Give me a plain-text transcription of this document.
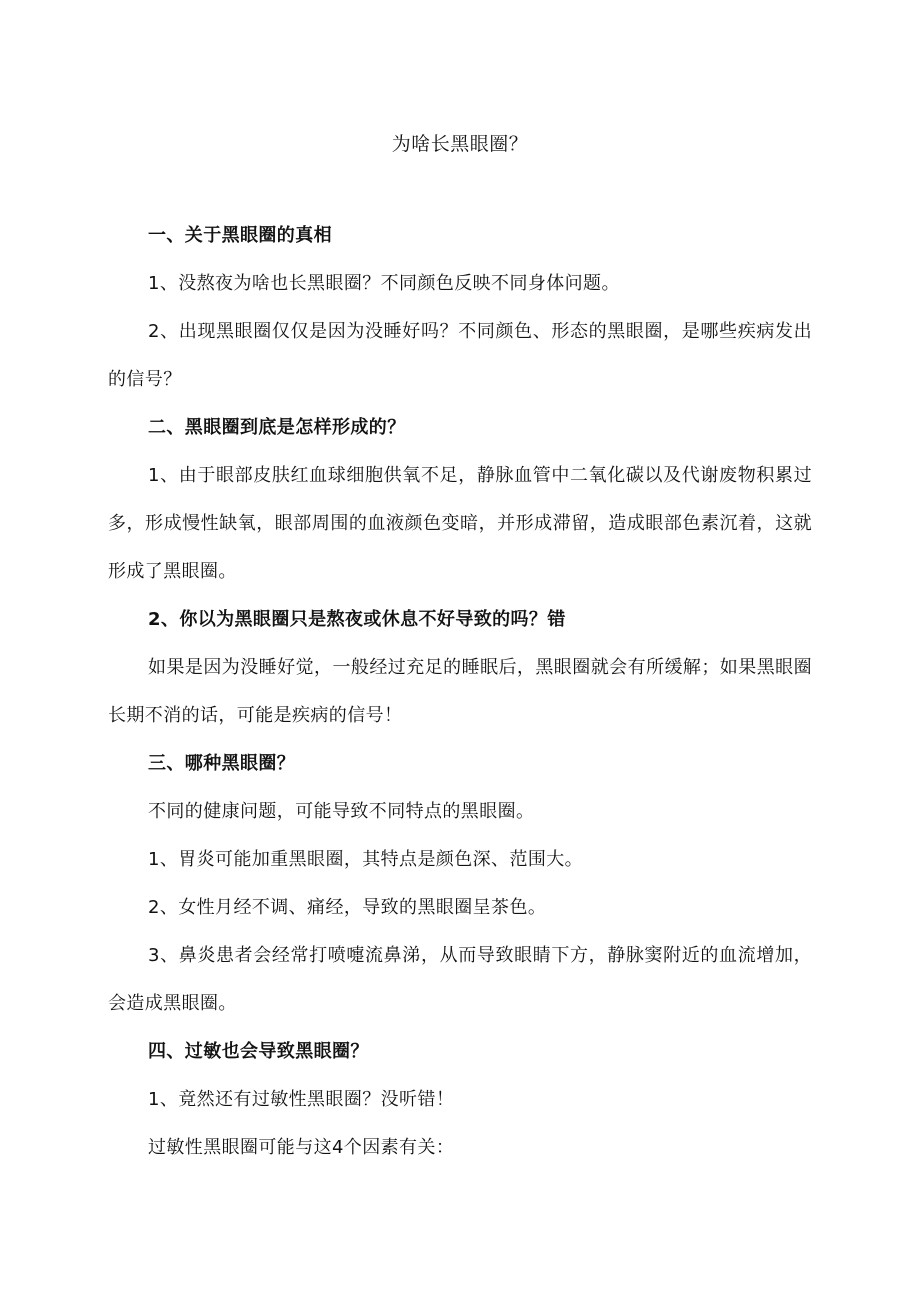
为啥长黑眼圈？

一、关于黑眼圈的真相

1、没熬夜为啥也长黑眼圈？不同颜色反映不同身体问题。

2、出现黑眼圈仅仅是因为没睡好吗？不同颜色、形态的黑眼圈，是哪些疾病发出的信号？

二、黑眼圈到底是怎样形成的？

1、由于眼部皮肤红血球细胞供氧不足，静脉血管中二氧化碳以及代谢废物积累过多，形成慢性缺氧，眼部周围的血液颜色变暗，并形成滞留，造成眼部色素沉着，这就形成了黑眼圈。

2、你以为黑眼圈只是熬夜或休息不好导致的吗？错

如果是因为没睡好觉，一般经过充足的睡眠后，黑眼圈就会有所缓解；如果黑眼圈长期不消的话，可能是疾病的信号！

三、哪种黑眼圈？

不同的健康问题，可能导致不同特点的黑眼圈。

1、胃炎可能加重黑眼圈，其特点是颜色深、范围大。

2、女性月经不调、痛经，导致的黑眼圈呈茶色。

3、鼻炎患者会经常打喷嚏流鼻涕，从而导致眼睛下方，静脉窦附近的血流增加，会造成黑眼圈。

四、过敏也会导致黑眼圈？

1、竟然还有过敏性黑眼圈？没听错！

过敏性黑眼圈可能与这4个因素有关：
